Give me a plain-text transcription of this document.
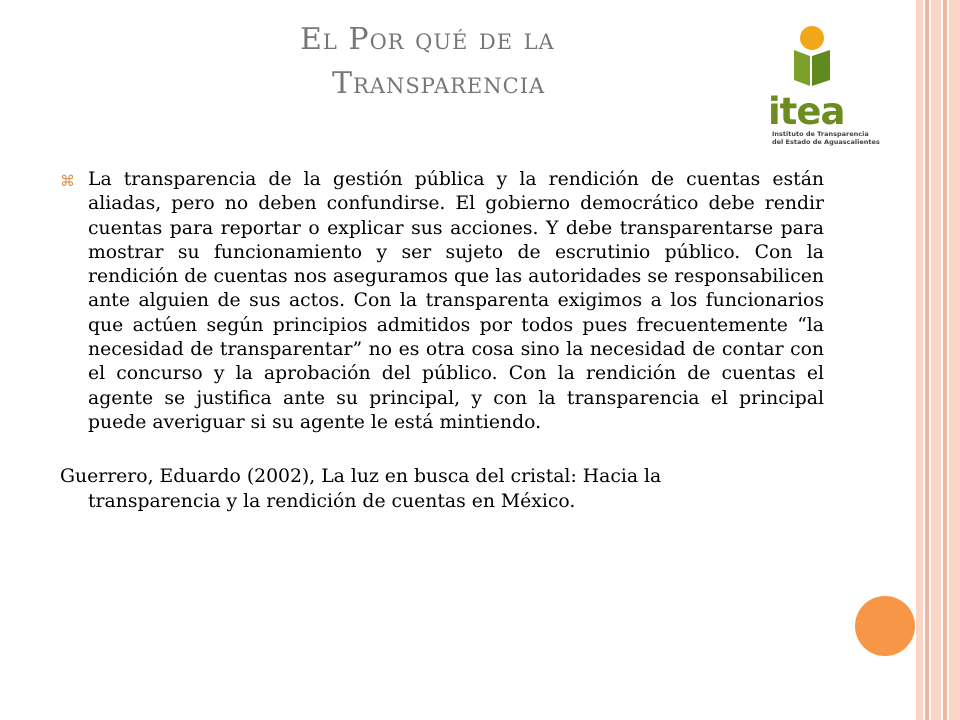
El Por qué de la
Transparencia
itea
Instituto de Transparencia
del Estado de Aguascalientes
⌘ La transparencia de la gestión pública y la rendición de cuentas están aliadas, pero no deben confundirse. El gobierno democrático debe rendir cuentas para reportar o explicar sus acciones. Y debe transparentarse para mostrar su funcionamiento y ser sujeto de escrutinio público. Con la rendición de cuentas nos aseguramos que las autoridades se responsabilicen ante alguien de sus actos. Con la transparenta exigimos a los funcionarios que actúen según principios admitidos por todos pues frecuentemente “la necesidad de transparentar” no es otra cosa sino la necesidad de contar con el concurso y la aprobación del público. Con la rendición de cuentas el agente se justifica ante su principal, y con la transparencia el principal puede averiguar si su agente le está mintiendo.

Guerrero, Eduardo (2002), La luz en busca del cristal: Hacia la
transparencia y la rendición de cuentas en México.
